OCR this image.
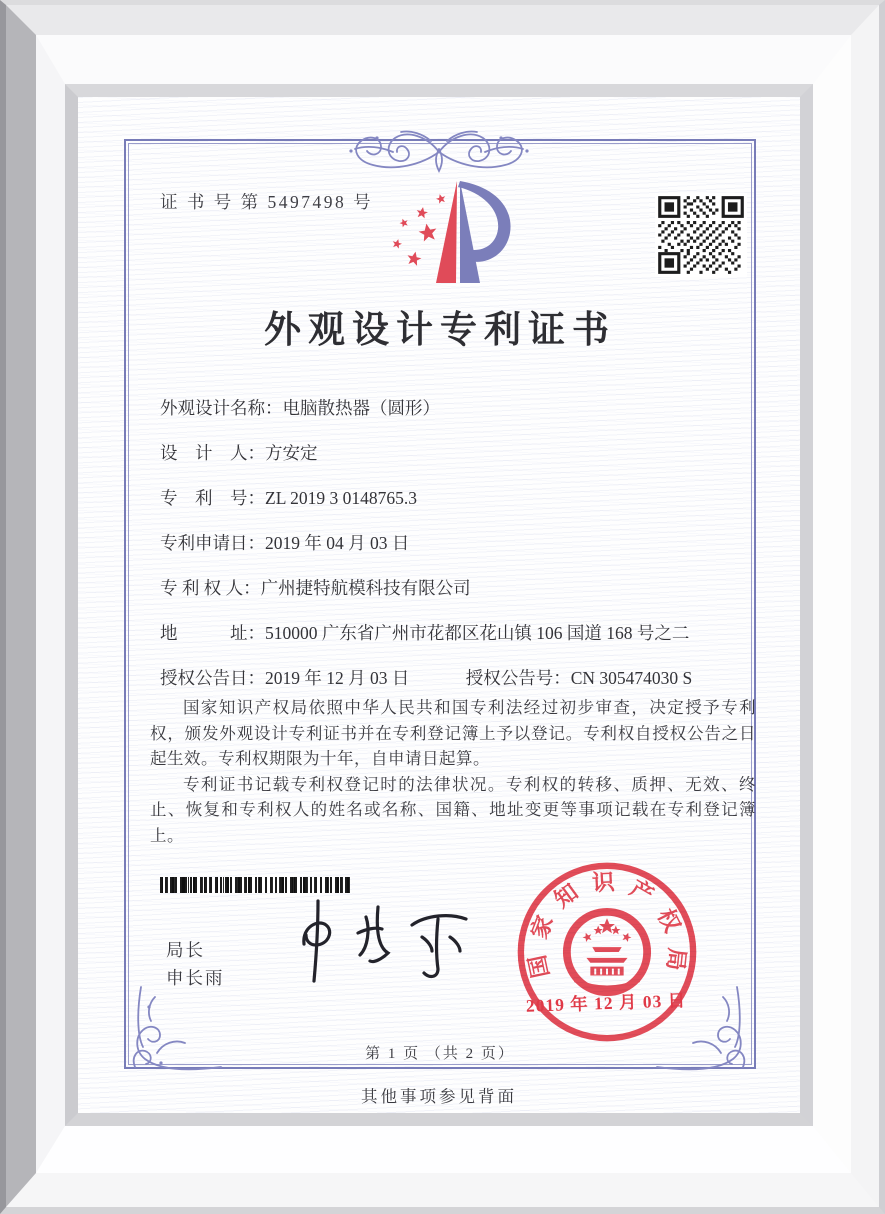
证 书 号 第 5497498 号
外观设计专利证书
外观设计名称：电脑散热器（圆形）
设　计　人：方安定
专　利　号：ZL 2019 3 0148765.3
专利申请日：2019 年 04 月 03 日
专 利 权 人：广州捷特航模科技有限公司
地　　　址：510000 广东省广州市花都区花山镇 106 国道 168 号之二
授权公告日：2019 年 12 月 03 日	授权公告号：CN 305474030 S

国家知识产权局依照中华人民共和国专利法经过初步审查，决定授予专利权，颁发外观设计专利证书并在专利登记簿上予以登记。专利权自授权公告之日起生效。专利权期限为十年，自申请日起算。

专利证书记载专利权登记时的法律状况。专利权的转移、质押、无效、终止、恢复和专利权人的姓名或名称、国籍、地址变更等事项记载在专利登记簿上。

局长
申长雨	国
家
知 识 产
权
局
2019 年 12 月 03 日
第 1 页 （共 2 页）
其他事项参见背面
